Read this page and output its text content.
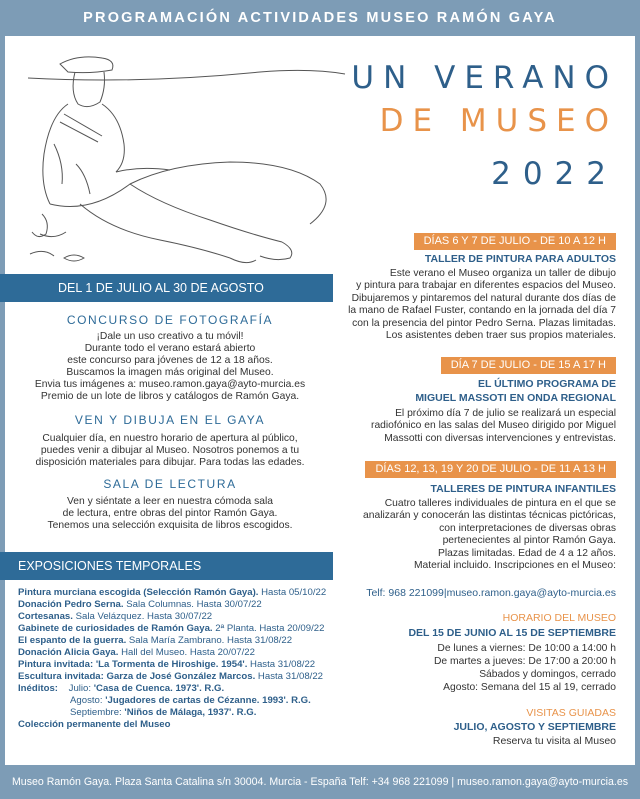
PROGRAMACIÓN ACTIVIDADES MUSEO RAMÓN GAYA
UN VERANO
DE MUSEO
2022
DÍAS 6 Y 7 DE JULIO - DE 10 A 12 H
TALLER DE PINTURA PARA ADULTOS
Este verano el Museo organiza un taller de dibujo
y pintura para trabajar en diferentes espacios del Museo.
Dibujaremos y pintaremos del natural durante dos días de
la mano de Rafael Fuster, contando en la jornada del día 7
con la presencia del pintor Pedro Serna. Plazas limitadas.
Los asistentes deben traer sus propios materiales.
DÍA 7 DE JULIO - DE 15 A 17 H
EL ÚLTIMO PROGRAMA DE
MIGUEL MASSOTI EN ONDA REGIONAL
El próximo día 7 de julio se realizará un especial
radiofónico en las salas del Museo dirigido por Miguel
Massotti con diversas intervenciones y entrevistas.
DÍAS 12, 13, 19 Y 20 DE JULIO - DE 11 A 13 H
TALLERES DE PINTURA INFANTILES
Cuatro talleres individuales de pintura en el que se
analizarán y conocerán las distintas técnicas pictóricas,
con interpretaciones de diversas obras
pertenecientes al pintor Ramón Gaya.
Plazas limitadas. Edad de 4 a 12 años.
Material incluido. Inscripciones en el Museo:
Telf: 968 221099|museo.ramon.gaya@ayto-murcia.es
HORARIO DEL MUSEO
DEL 15 DE JUNIO AL 15 DE SEPTIEMBRE
De lunes a viernes: De 10:00 a 14:00 h
De martes a jueves: De 17:00 a 20:00 h
Sábados y domingos, cerrado
Agosto: Semana del 15 al 19, cerrado
VISITAS GUIADAS
JULIO, AGOSTO Y SEPTIEMBRE
Reserva tu visita al Museo
DEL 1 DE JULIO AL 30 DE AGOSTO
CONCURSO DE FOTOGRAFÍA
¡Dale un uso creativo a tu móvil!
Durante todo el verano estará abierto
este concurso para jóvenes de 12 a 18 años.
Buscamos la imagen más original del Museo.
Envia tus imágenes a: museo.ramon.gaya@ayto-murcia.es
Premio de un lote de libros y catálogos de Ramón Gaya.
VEN Y DIBUJA EN EL GAYA
Cualquier día, en nuestro horario de apertura al público,
puedes venir a dibujar al Museo. Nosotros ponemos a tu
disposición materiales para dibujar. Para todas las edades.
SALA DE LECTURA
Ven y siéntate a leer en nuestra cómoda sala
de lectura, entre obras del pintor Ramón Gaya.
Tenemos una selección exquisita de libros escogidos.
EXPOSICIONES TEMPORALES
Pintura murciana escogida (Selección Ramón Gaya). Hasta 05/10/22
Donación Pedro Serna. Sala Columnas. Hasta 30/07/22
Cortesanas. Sala Velázquez. Hasta 30/07/22
Gabinete de curiosidades de Ramón Gaya. 2ª Planta. Hasta 20/09/22
El espanto de la guerra. Sala María Zambrano. Hasta 31/08/22
Donación Alicia Gaya. Hall del Museo. Hasta 20/07/22
Pintura invitada: 'La Tormenta de Hiroshige. 1954'. Hasta 31/08/22
Escultura invitada: Garza de José González Marcos. Hasta 31/08/22
Inéditos: Julio: 'Casa de Cuenca. 1973'. R.G.
Agosto: 'Jugadores de cartas de Cézanne. 1993'. R.G.
Septiembre: 'Niños de Málaga, 1937'. R.G.
Colección permanente del Museo
Museo Ramón Gaya. Plaza Santa Catalina s/n 30004. Murcia - España Telf: +34 968 221099 | museo.ramon.gaya@ayto-murcia.es
